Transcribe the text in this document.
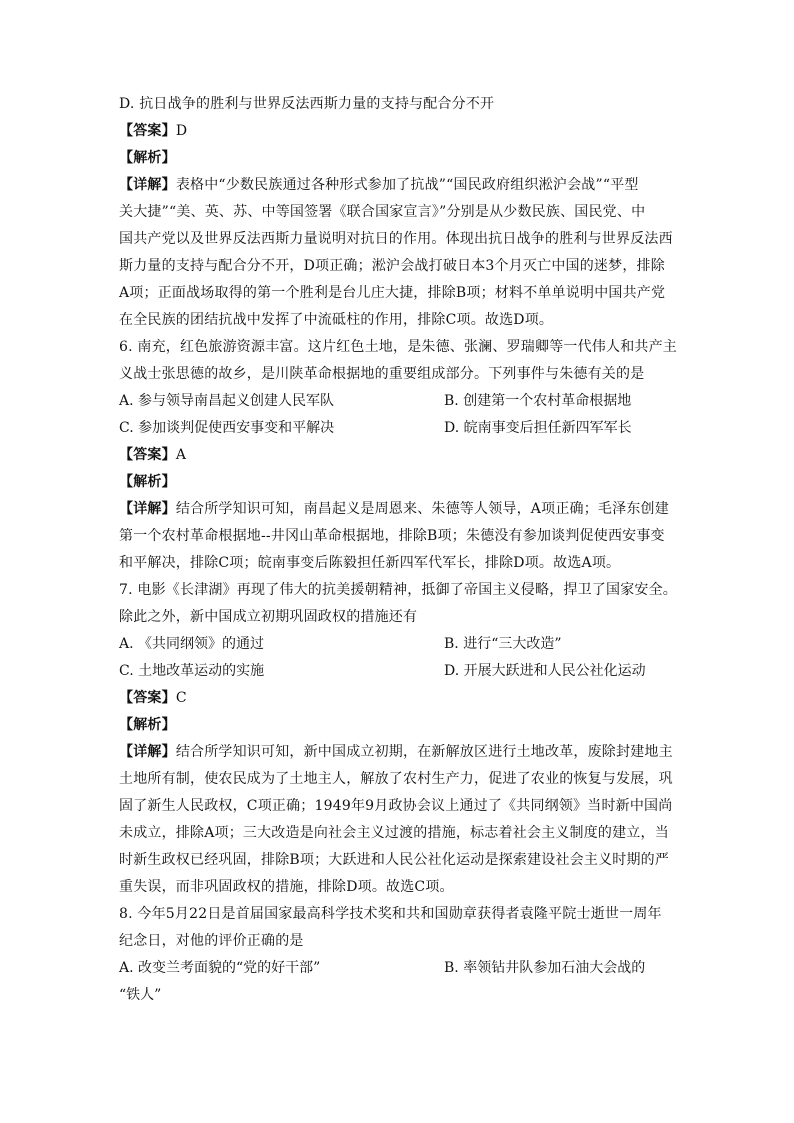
D. 抗日战争的胜利与世界反法西斯力量的支持与配合分不开
【答案】D
【解析】
【详解】表格中“少数民族通过各种形式参加了抗战”“国民政府组织淞沪会战”“平型
关大捷”“美、英、苏、中等国签署《联合国家宣言》”分别是从少数民族、国民党、中
国共产党以及世界反法西斯力量说明对抗日的作用。体现出抗日战争的胜利与世界反法西
斯力量的支持与配合分不开，D项正确；淞沪会战打破日本3个月灭亡中国的迷梦，排除
A项；正面战场取得的第一个胜利是台儿庄大捷，排除B项；材料不单单说明中国共产党
在全民族的团结抗战中发挥了中流砥柱的作用，排除C项。故选D项。
6. 南充，红色旅游资源丰富。这片红色土地，是朱德、张澜、罗瑞卿等一代伟人和共产主
义战士张思德的故乡，是川陕革命根据地的重要组成部分。下列事件与朱德有关的是
A. 参与领导南昌起义创建人民军队	B. 创建第一个农村革命根据地
C. 参加谈判促使西安事变和平解决	D. 皖南事变后担任新四军军长
【答案】A
【解析】
【详解】结合所学知识可知，南昌起义是周恩来、朱德等人领导，A项正确；毛泽东创建
第一个农村革命根据地--井冈山革命根据地，排除B项；朱德没有参加谈判促使西安事变
和平解决，排除C项；皖南事变后陈毅担任新四军代军长，排除D项。故选A项。
7. 电影《长津湖》再现了伟大的抗美援朝精神，抵御了帝国主义侵略，捍卫了国家安全。
除此之外，新中国成立初期巩固政权的措施还有
A. 《共同纲领》的通过	B. 进行“三大改造”
C. 土地改革运动的实施	D. 开展大跃进和人民公社化运动
【答案】C
【解析】
【详解】结合所学知识可知，新中国成立初期，在新解放区进行土地改革，废除封建地主
土地所有制，使农民成为了土地主人，解放了农村生产力，促进了农业的恢复与发展，巩
固了新生人民政权，C项正确；1949年9月政协会议上通过了《共同纲领》当时新中国尚
未成立，排除A项；三大改造是向社会主义过渡的措施，标志着社会主义制度的建立，当
时新生政权已经巩固，排除B项；大跃进和人民公社化运动是探索建设社会主义时期的严
重失误，而非巩固政权的措施，排除D项。故选C项。
8. 今年5月22日是首届国家最高科学技术奖和共和国勋章获得者袁隆平院士逝世一周年
纪念日，对他的评价正确的是
A. 改变兰考面貌的“党的好干部”	B. 率领钻井队参加石油大会战的
“铁人”
